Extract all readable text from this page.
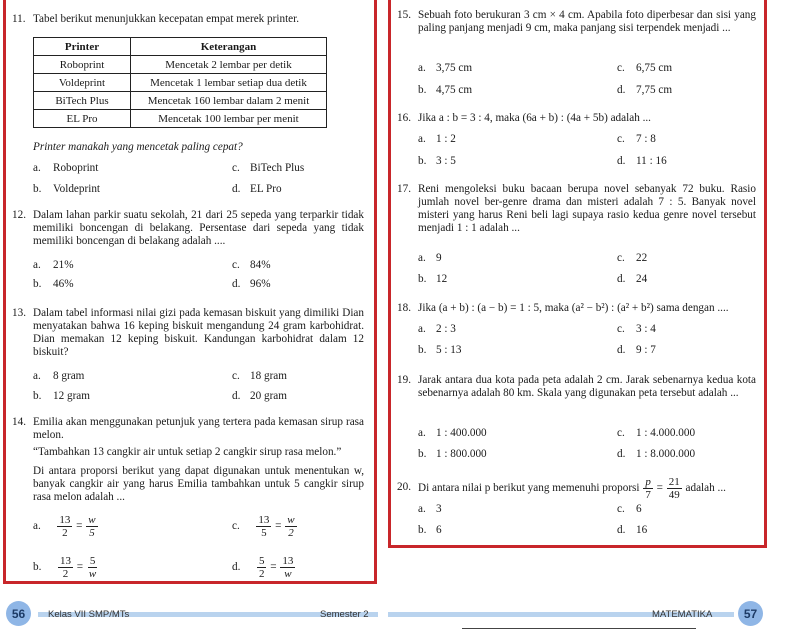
11. Tabel berikut menunjukkan kecepatan empat merek printer.
Printer	Keterangan
Roboprint	Mencetak 2 lembar per detik
Voldeprint	Mencetak 1 lembar setiap dua detik
BiTech Plus	Mencetak 160 lembar dalam 2 menit
EL Pro	Mencetak 100 lembar per menit
Printer manakah yang mencetak paling cepat?
a. Roboprint	c. BiTech Plus
b. Voldeprint	d. EL Pro
12. Dalam lahan parkir suatu sekolah, 21 dari 25 sepeda yang terparkir tidak memiliki boncengan di belakang. Persentase dari sepeda yang tidak memiliki boncengan di belakang adalah ....
a. 21%	c. 84%
b. 46%	d. 96%
13. Dalam tabel informasi nilai gizi pada kemasan biskuit yang dimiliki Dian menyatakan bahwa 16 keping biskuit mengandung 24 gram karbohidrat. Dian memakan 12 keping biskuit. Kandungan karbohidrat dalam 12 biskuit?
a. 8 gram	c. 18 gram
b. 12 gram	d. 20 gram
14. Emilia akan menggunakan petunjuk yang tertera pada kemasan sirup rasa melon.
“Tambahkan 13 cangkir air untuk setiap 2 cangkir sirup rasa melon.”
Di antara proporsi berikut yang dapat digunakan untuk menentukan w, banyak cangkir air yang harus Emilia tambahkan untuk 5 cangkir sirup rasa melon adalah ...
a. $\frac{13}{2} = \frac{w}{5}$	c. $\frac{13}{5} = \frac{w}{2}$
b. $\frac{13}{2} = \frac{5}{w}$	d. $\frac{5}{2} = \frac{13}{w}$
15. Sebuah foto berukuran 3 cm × 4 cm. Apabila foto diperbesar dan sisi yang paling panjang menjadi 9 cm, maka panjang sisi terpendek menjadi ...
a. 3,75 cm	c. 6,75 cm
b. 4,75 cm	d. 7,75 cm
16. Jika a : b = 3 : 4, maka (6a + b) : (4a + 5b) adalah ...
a. 1 : 2	c. 7 : 8
b. 3 : 5	d. 11 : 16
17. Reni mengoleksi buku bacaan berupa novel sebanyak 72 buku. Rasio jumlah novel ber-genre drama dan misteri adalah 7 : 5. Banyak novel misteri yang harus Reni beli lagi supaya rasio kedua genre novel tersebut menjadi 1 : 1 adalah ...
a. 9	c. 22
b. 12	d. 24
18. Jika (a + b) : (a − b) = 1 : 5, maka (a² − b²) : (a² + b²) sama dengan ....
a. 2 : 3	c. 3 : 4
b. 5 : 13	d. 9 : 7
19. Jarak antara dua kota pada peta adalah 2 cm. Jarak sebenarnya kedua kota sebenarnya adalah 80 km. Skala yang digunakan peta tersebut adalah ...
a. 1 : 400.000	c. 1 : 4.000.000
b. 1 : 800.000	d. 1 : 8.000.000
20. Di antara nilai p berikut yang memenuhi proporsi $\frac{p}{7} = \frac{21}{49}$ adalah ...
a. 3	c. 6
b. 6	d. 16
56	Kelas VII SMP/MTs	Semester 2	MATEMATIKA	57
